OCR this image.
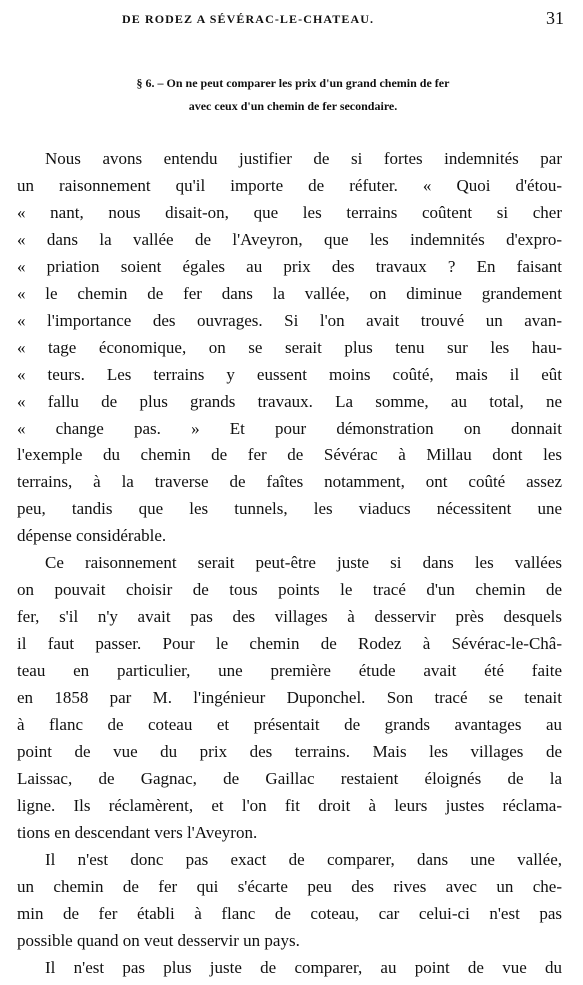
DE RODEZ A SÉVÉRAC-LE-CHATEAU.	31
§ 6. – On ne peut comparer les prix d'un grand chemin de fer
avec ceux d'un chemin de fer secondaire.

Nous avons entendu justifier de si fortes indemnités par
un raisonnement qu'il importe de réfuter. « Quoi d'étou-
« nant, nous disait-on, que les terrains coûtent si cher
« dans la vallée de l'Aveyron, que les indemnités d'expro-
« priation soient égales au prix des travaux ? En faisant
« le chemin de fer dans la vallée, on diminue grandement
« l'importance des ouvrages. Si l'on avait trouvé un avan-
« tage économique, on se serait plus tenu sur les hau-
« teurs. Les terrains y eussent moins coûté, mais il eût
« fallu de plus grands travaux. La somme, au total, ne
« change pas. » Et pour démonstration on donnait
l'exemple du chemin de fer de Sévérac à Millau dont les
terrains, à la traverse de faîtes notamment, ont coûté assez
peu, tandis que les tunnels, les viaducs nécessitent une
dépense considérable.

Ce raisonnement serait peut-être juste si dans les vallées
on pouvait choisir de tous points le tracé d'un chemin de
fer, s'il n'y avait pas des villages à desservir près desquels
il faut passer. Pour le chemin de Rodez à Sévérac-le-Châ-
teau en particulier, une première étude avait été faite
en 1858 par M. l'ingénieur Duponchel. Son tracé se tenait
à flanc de coteau et présentait de grands avantages au
point de vue du prix des terrains. Mais les villages de
Laissac, de Gagnac, de Gaillac restaient éloignés de la
ligne. Ils réclamèrent, et l'on fit droit à leurs justes réclama-
tions en descendant vers l'Aveyron.

Il n'est donc pas exact de comparer, dans une vallée,
un chemin de fer qui s'écarte peu des rives avec un che-
min de fer établi à flanc de coteau, car celui-ci n'est pas
possible quand on veut desservir un pays.

Il n'est pas plus juste de comparer, au point de vue du
